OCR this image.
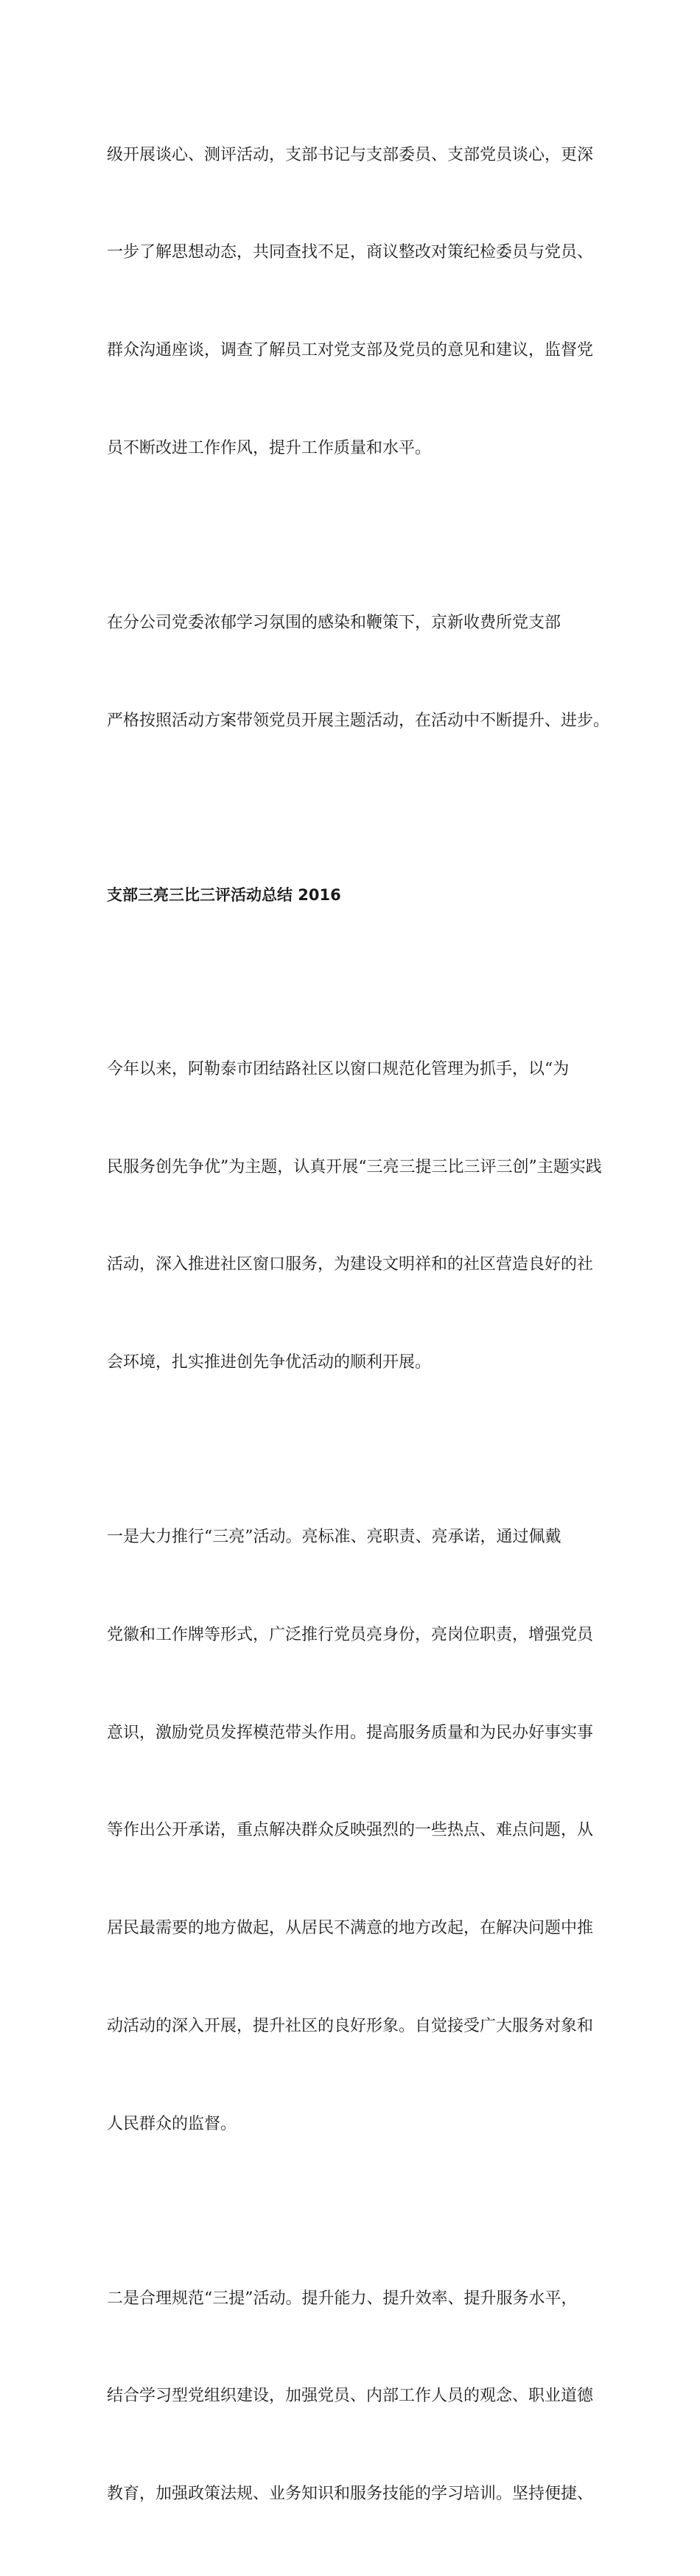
级开展谈心、测评活动，支部书记与支部委员、支部党员谈心，更深

一步了解思想动态，共同查找不足，商议整改对策纪检委员与党员、

群众沟通座谈，调查了解员工对党支部及党员的意见和建议，监督党

员不断改进工作作风，提升工作质量和水平。

在分公司党委浓郁学习氛围的感染和鞭策下，京新收费所党支部

严格按照活动方案带领党员开展主题活动，在活动中不断提升、进步。

支部三亮三比三评活动总结 2016

今年以来，阿勒泰市团结路社区以窗口规范化管理为抓手，以“为

民服务创先争优”为主题，认真开展“三亮三提三比三评三创”主题实践

活动，深入推进社区窗口服务，为建设文明祥和的社区营造良好的社

会环境，扎实推进创先争优活动的顺利开展。

一是大力推行“三亮”活动。亮标准、亮职责、亮承诺，通过佩戴

党徽和工作牌等形式，广泛推行党员亮身份，亮岗位职责，增强党员

意识，激励党员发挥模范带头作用。提高服务质量和为民办好事实事

等作出公开承诺，重点解决群众反映强烈的一些热点、难点问题，从

居民最需要的地方做起，从居民不满意的地方改起，在解决问题中推

动活动的深入开展，提升社区的良好形象。自觉接受广大服务对象和

人民群众的监督。

二是合理规范“三提”活动。提升能力、提升效率、提升服务水平，

结合学习型党组织建设，加强党员、内部工作人员的观念、职业道德

教育，加强政策法规、业务知识和服务技能的学习培训。坚持便捷、
